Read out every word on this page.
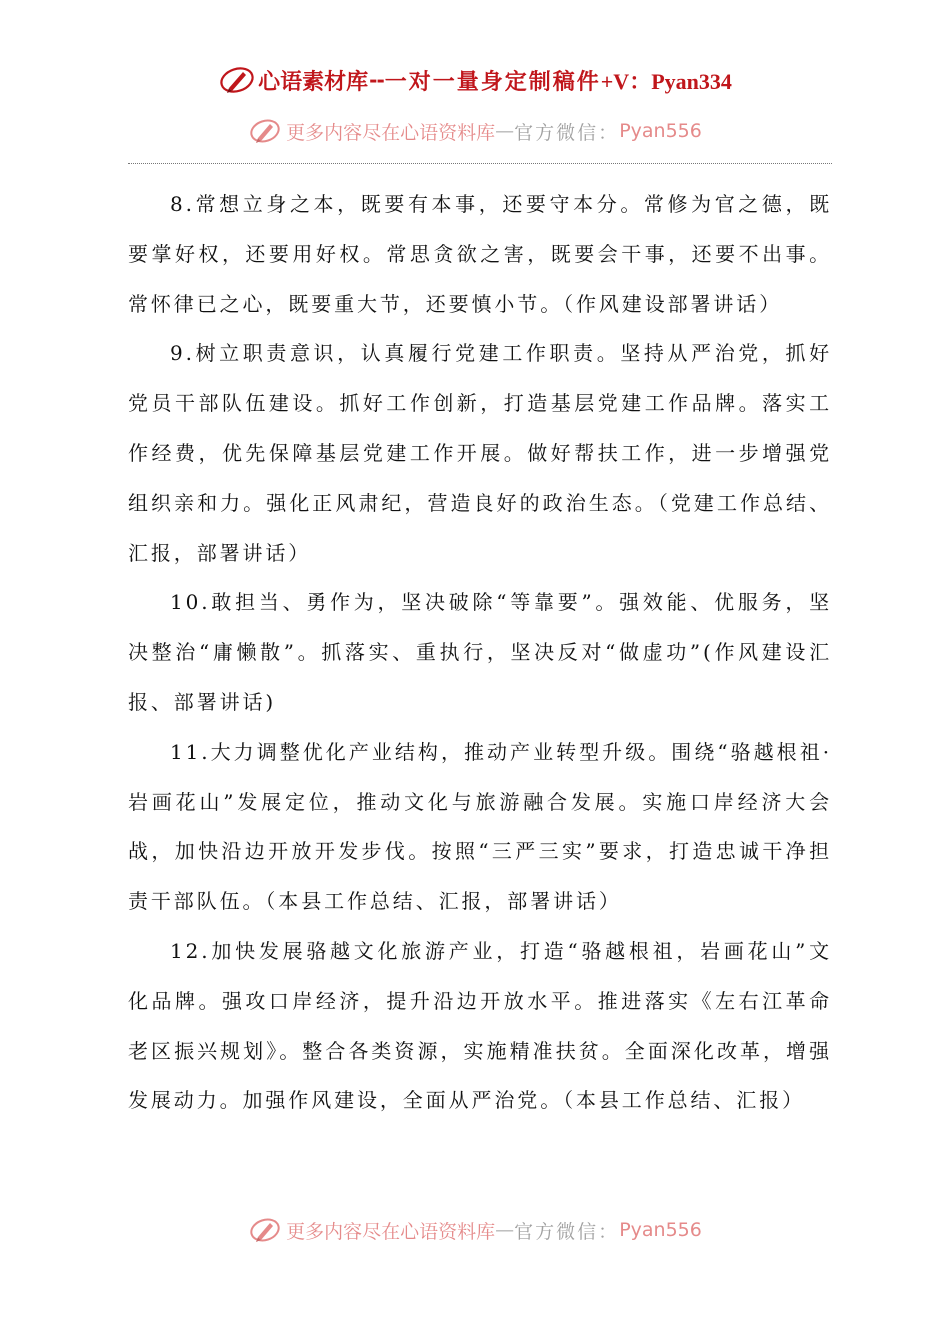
心语素材库 -- 一对一量身定制稿件 +V：Pyan334
更多内容尽在心语资料库 — 官方微信： Pyan556

8.常想立身之本，既要有本事，还要守本分。常修为官之德，既要掌好权，还要用好权。常思贪欲之害，既要会干事，还要不出事。常怀律已之心，既要重大节，还要慎小节。（作风建设部署讲话）

9.树立职责意识，认真履行党建工作职责。坚持从严治党，抓好党员干部队伍建设。抓好工作创新，打造基层党建工作品牌。落实工作经费，优先保障基层党建工作开展。做好帮扶工作，进一步增强党组织亲和力。强化正风肃纪，营造良好的政治生态。（党建工作总结、汇报，部署讲话）

10.敢担当、勇作为，坚决破除“等靠要”。强效能、优服务，坚决整治“庸懒散”。抓落实、重执行，坚决反对“做虚功”(作风建设汇报、部署讲话)

11.大力调整优化产业结构，推动产业转型升级。围绕“骆越根祖·岩画花山”发展定位，推动文化与旅游融合发展。实施口岸经济大会战，加快沿边开放开发步伐。按照“三严三实”要求，打造忠诚干净担责干部队伍。（本县工作总结、汇报，部署讲话）

12.加快发展骆越文化旅游产业，打造“骆越根祖，岩画花山”文化品牌。强攻口岸经济，提升沿边开放水平。推进落实《左右江革命老区振兴规划》。整合各类资源，实施精准扶贫。全面深化改革，增强发展动力。加强作风建设，全面从严治党。（本县工作总结、汇报）

更多内容尽在心语资料库 — 官方微信： Pyan556
